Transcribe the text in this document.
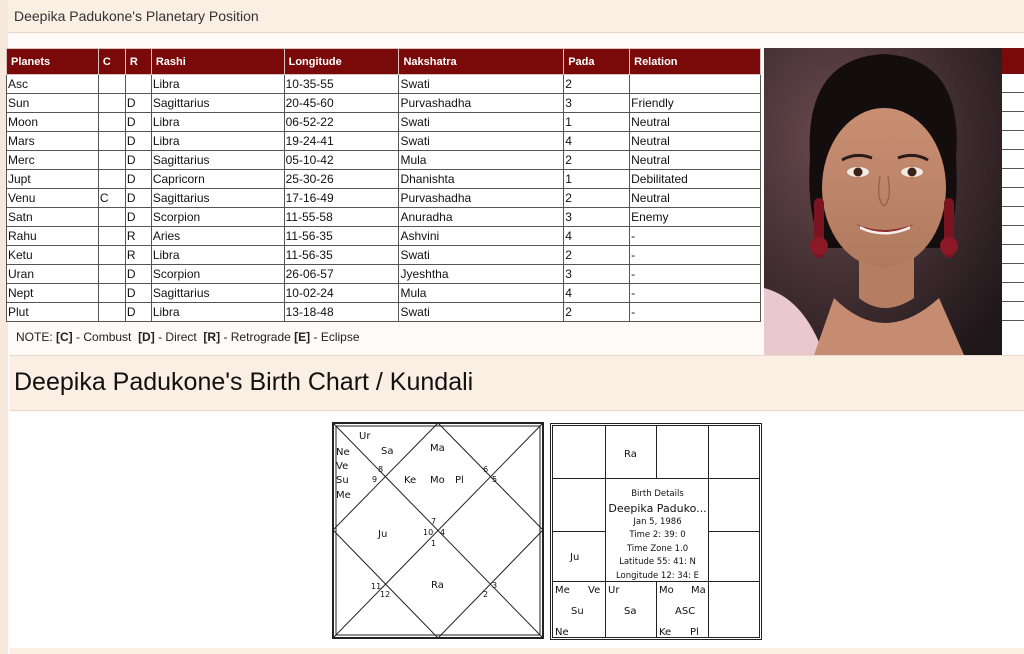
Deepika Padukone's Planetary Position
Planets	C	R	Rashi	Longitude	Nakshatra	Pada	Relation
Asc			Libra	10-35-55	Swati	2	
Sun		D	Sagittarius	20-45-60	Purvashadha	3	Friendly
Moon		D	Libra	06-52-22	Swati	1	Neutral
Mars		D	Libra	19-24-41	Swati	4	Neutral
Merc		D	Sagittarius	05-10-42	Mula	2	Neutral
Jupt		D	Capricorn	25-30-26	Dhanishta	1	Debilitated
Venu	C	D	Sagittarius	17-16-49	Purvashadha	2	Neutral
Satn		D	Scorpion	11-55-58	Anuradha	3	Enemy
Rahu		R	Aries	11-56-35	Ashvini	4	-
Ketu		R	Libra	11-56-35	Swati	2	-
Uran		D	Scorpion	26-06-57	Jyeshtha	3	-
Nept		D	Sagittarius	10-02-24	Mula	4	-
Plut		D	Libra	13-18-48	Swati	2	-
NOTE: [C] - Combust [D] - Direct [R] - Retrograde [E] - Eclipse
Deepika Padukone's Birth Chart / Kundali
8
9
6
5
7
10 4
1
11
12
3
2
Ma
Ke Mo Pl
Ur
Sa
Ne
Ve
Su
Me
Ju
Ra
Ra
Ju
Me Ve
Su
Ne
Ur
Sa
Mo Ma
ASC
Ke Pl
Birth Details
Deepika Paduko...
Jan 5, 1986
Time 2: 39: 0
Time Zone 1.0
Latitude 55: 41: N
Longitude 12: 34: E
